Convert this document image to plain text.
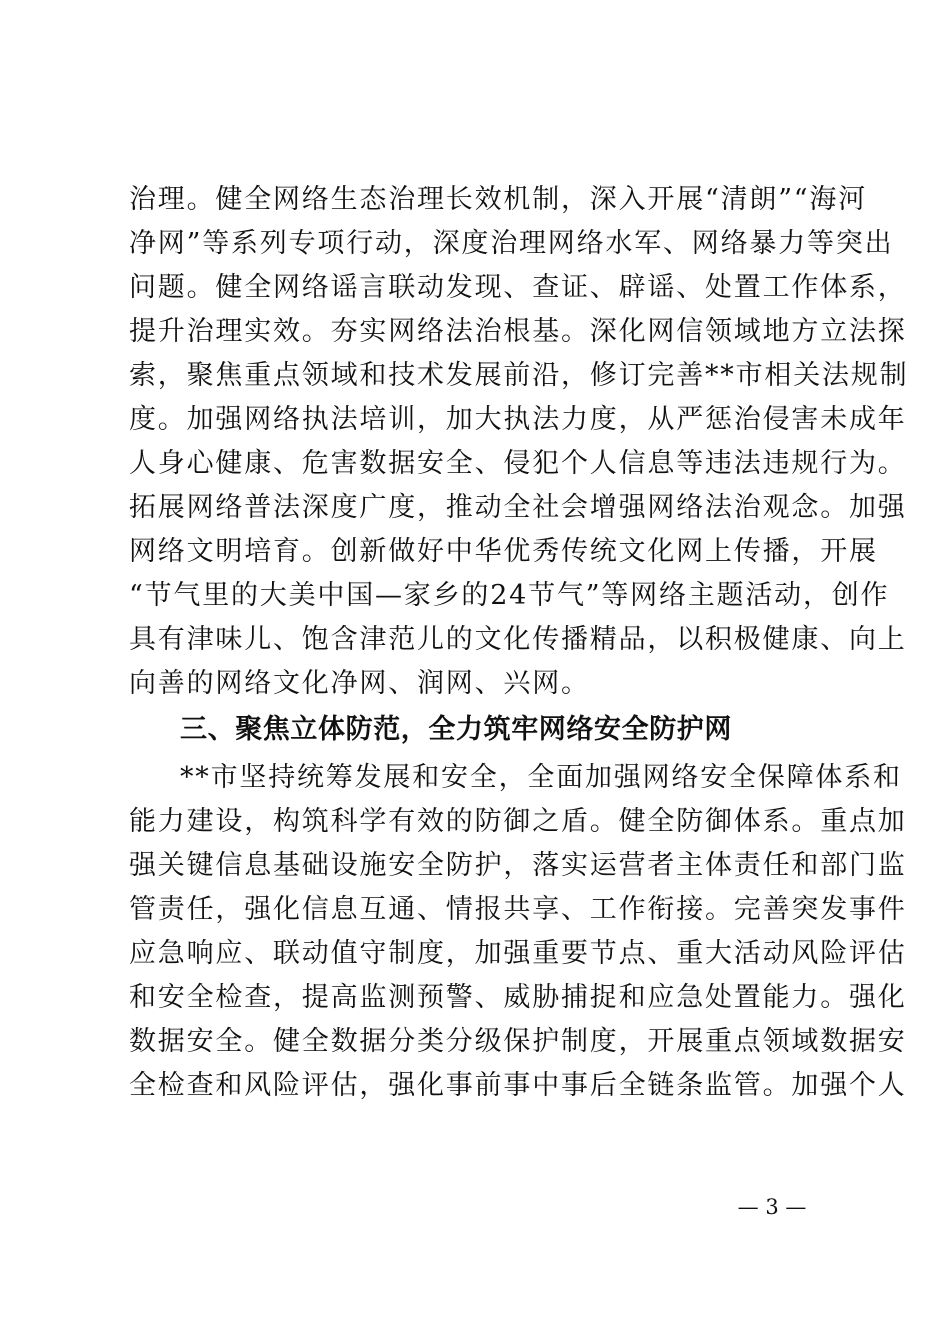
治理。健全网络生态治理长效机制，深入开展“清朗”“海河
净网”等系列专项行动，深度治理网络水军、网络暴力等突出
问题。健全网络谣言联动发现、查证、辟谣、处置工作体系，
提升治理实效。夯实网络法治根基。深化网信领域地方立法探
索，聚焦重点领域和技术发展前沿，修订完善**市相关法规制
度。加强网络执法培训，加大执法力度，从严惩治侵害未成年
人身心健康、危害数据安全、侵犯个人信息等违法违规行为。
拓展网络普法深度广度，推动全社会增强网络法治观念。加强
网络文明培育。创新做好中华优秀传统文化网上传播，开展
“节气里的大美中国—家乡的24节气”等网络主题活动，创作
具有津味儿、饱含津范儿的文化传播精品，以积极健康、向上
向善的网络文化净网、润网、兴网。
三、聚焦立体防范，全力筑牢网络安全防护网
**市坚持统筹发展和安全，全面加强网络安全保障体系和
能力建设，构筑科学有效的防御之盾。健全防御体系。重点加
强关键信息基础设施安全防护，落实运营者主体责任和部门监
管责任，强化信息互通、情报共享、工作衔接。完善突发事件
应急响应、联动值守制度，加强重要节点、重大活动风险评估
和安全检查，提高监测预警、威胁捕捉和应急处置能力。强化
数据安全。健全数据分类分级保护制度，开展重点领域数据安
全检查和风险评估，强化事前事中事后全链条监管。加强个人
— 3 —
